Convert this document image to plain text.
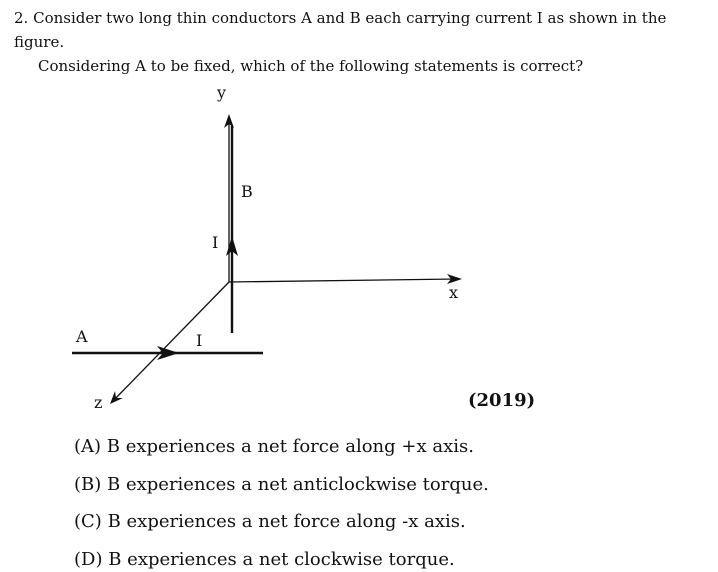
2. Consider two long thin conductors A and B each carrying current I as shown in the figure.
Considering A to be fixed, which of the following statements is correct?
y
x
z
B
I
A	I
(2019)
(A) B experiences a net force along +x axis.
(B) B experiences a net anticlockwise torque.
(C) B experiences a net force along -x axis.
(D) B experiences a net clockwise torque.
